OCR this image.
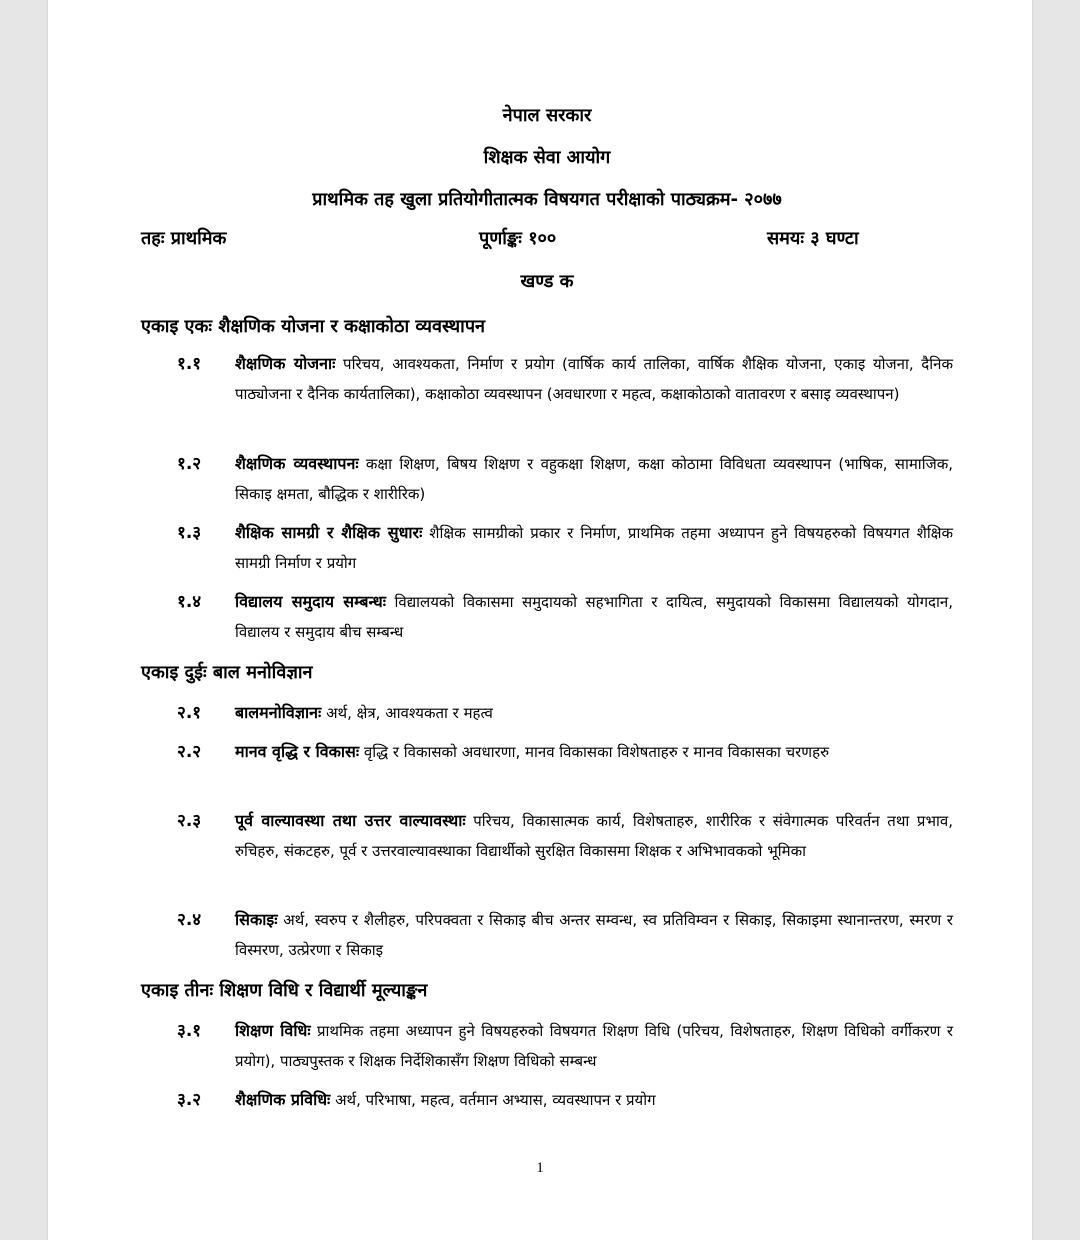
नेपाल सरकार
शिक्षक सेवा आयोग
प्राथमिक तह खुला प्रतियोगीतात्मक विषयगत परीक्षाको पाठ्यक्रम- २०७७
तहः प्राथमिक	पूर्णाङ्कः १००	समयः ३ घण्टा
खण्ड क
एकाइ एकः शैक्षणिक योजना र कक्षाकोठा व्यवस्थापन
१.१	शैक्षणिक योजनाः परिचय, आवश्यकता, निर्माण र प्रयोग (वार्षिक कार्य तालिका, वार्षिक शैक्षिक योजना, एकाइ योजना, दैनिक पाठ्योजना र दैनिक कार्यतालिका), कक्षाकोठा व्यवस्थापन (अवधारणा र महत्व, कक्षाकोठाको वातावरण र बसाइ व्यवस्थापन)
१.२	शैक्षणिक व्यवस्थापनः कक्षा शिक्षण, बिषय शिक्षण र वहुकक्षा शिक्षण, कक्षा कोठामा विविधता व्यवस्थापन (भाषिक, सामाजिक, सिकाइ क्षमता, बौद्धिक र शारीरिक)
१.३	शैक्षिक सामग्री र शैक्षिक सुधारः शैक्षिक सामग्रीको प्रकार र निर्माण, प्राथमिक तहमा अध्यापन हुने विषयहरुको विषयगत शैक्षिक सामग्री निर्माण र प्रयोग
१.४	विद्यालय समुदाय सम्बन्धः विद्यालयको विकासमा समुदायको सहभागिता र दायित्व, समुदायको विकासमा विद्यालयको योगदान, विद्यालय र समुदाय बीच सम्बन्ध
एकाइ दुईः बाल मनोविज्ञान
२.१	बालमनोविज्ञानः अर्थ, क्षेत्र, आवश्यकता र महत्व
२.२	मानव वृद्धि र विकासः वृद्धि र विकासको अवधारणा, मानव विकासका विशेषताहरु र मानव विकासका चरणहरु
२.३	पूर्व वाल्यावस्था तथा उत्तर वाल्यावस्थाः परिचय, विकासात्मक कार्य, विशेषताहरु, शारीरिक र संवेगात्मक परिवर्तन तथा प्रभाव, रुचिहरु, संकटहरु, पूर्व र उत्तरवाल्यावस्थाका विद्यार्थीको सुरक्षित विकासमा शिक्षक र अभिभावकको भूमिका
२.४	सिकाइः अर्थ, स्वरुप र शैलीहरु, परिपक्वता र सिकाइ बीच अन्तर सम्वन्ध, स्व प्रतिविम्वन र सिकाइ, सिकाइमा स्थानान्तरण, स्मरण र विस्मरण, उत्प्रेरणा र सिकाइ
एकाइ तीनः शिक्षण विधि र विद्यार्थी मूल्याङ्कन
३.१	शिक्षण विधिः प्राथमिक तहमा अध्यापन हुने विषयहरुको विषयगत शिक्षण विधि (परिचय, विशेषताहरु, शिक्षण विधिको वर्गीकरण र प्रयोग), पाठ्यपुस्तक र शिक्षक निर्देशिकासँग शिक्षण विधिको सम्बन्ध
३.२	शैक्षणिक प्रविधिः अर्थ, परिभाषा, महत्व, वर्तमान अभ्यास, व्यवस्थापन र प्रयोग
1
